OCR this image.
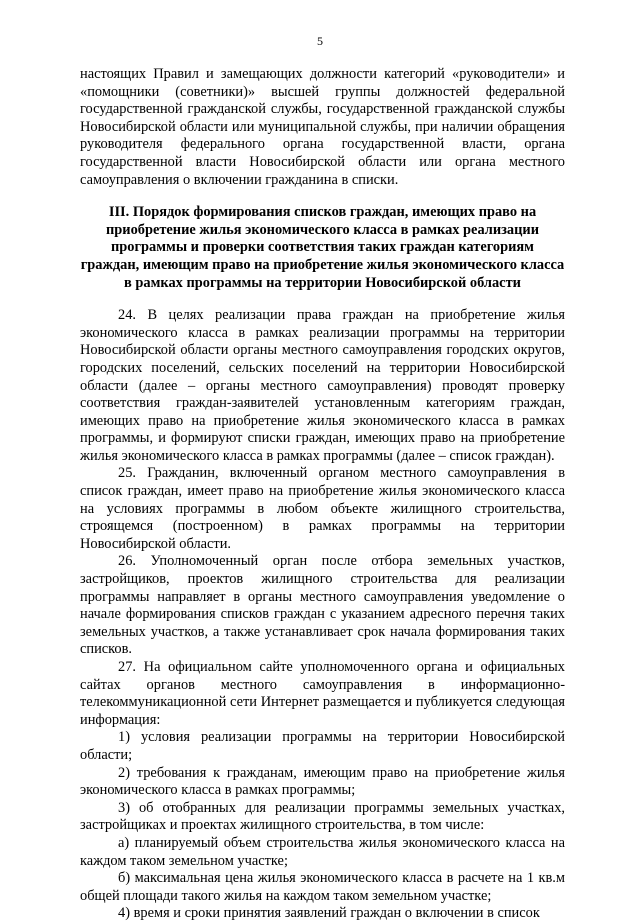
5

настоящих Правил и замещающих должности категорий «руководители» и «помощники (советники)» высшей группы должностей федеральной государственной гражданской службы, государственной гражданской службы Новосибирской области или муниципальной службы, при наличии обращения руководителя федерального органа государственной власти, органа государственной власти Новосибирской области или органа местного самоуправления о включении гражданина в списки.

III. Порядок формирования списков граждан, имеющих право на приобретение жилья экономического класса в рамках реализации программы и проверки соответствия таких граждан категориям граждан, имеющим право на приобретение жилья экономического класса в рамках программы на территории Новосибирской области

24. В целях реализации права граждан на приобретение жилья экономического класса в рамках реализации программы на территории Новосибирской области органы местного самоуправления городских округов, городских поселений, сельских поселений на территории Новосибирской области (далее – органы местного самоуправления) проводят проверку соответствия граждан-заявителей установленным категориям граждан, имеющих право на приобретение жилья экономического класса в рамках программы, и формируют списки граждан, имеющих право на приобретение жилья экономического класса в рамках программы (далее – список граждан).

25. Гражданин, включенный органом местного самоуправления в список граждан, имеет право на приобретение жилья экономического класса на условиях программы в любом объекте жилищного строительства, строящемся (построенном) в рамках программы на территории Новосибирской области.

26. Уполномоченный орган после отбора земельных участков, застройщиков, проектов жилищного строительства для реализации программы направляет в органы местного самоуправления уведомление о начале формирования списков граждан с указанием адресного перечня таких земельных участков, а также устанавливает срок начала формирования таких списков.

27. На официальном сайте уполномоченного органа и официальных сайтах органов местного самоуправления в информационно-телекоммуникационной сети Интернет размещается и публикуется следующая информация:

1) условия реализации программы на территории Новосибирской области;

2) требования к гражданам, имеющим право на приобретение жилья экономического класса в рамках программы;

3) об отобранных для реализации программы земельных участках, застройщиках и проектах жилищного строительства, в том числе:

а) планируемый объем строительства жилья экономического класса на каждом таком земельном участке;

б) максимальная цена жилья экономического класса в расчете на 1 кв.м общей площади такого жилья на каждом таком земельном участке;

4) время и сроки принятия заявлений граждан о включении в список
